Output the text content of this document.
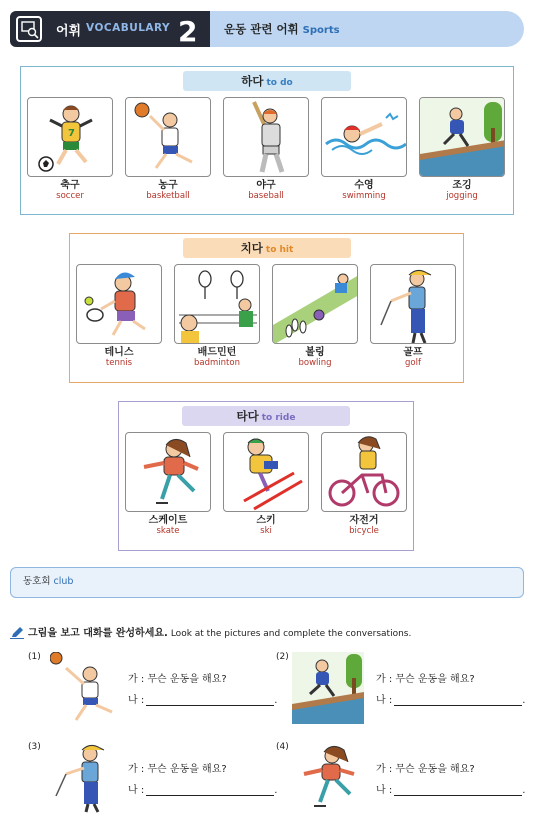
어휘 VOCABULARY 2 운동 관련 어휘 Sports
하다 to do
7
축구
soccer
농구
basketball
야구
baseball
수영
swimming
조깅
jogging
치다 to hit
테니스
tennis
배드민턴
badminton
볼링
bowling
골프
golf
타다 to ride
스케이트
skate
스키
ski
자전거
bicycle
동호회 club
그림을 보고 대화를 완성하세요. Look at the pictures and complete the conversations.
(1)
가 : 무슨 운동을 해요?
나 :	.
(2)
가 : 무슨 운동을 해요?
나 :	.
(3)
가 : 무슨 운동을 해요?
나 :	.
(4)
가 : 무슨 운동을 해요?
나 :	.
